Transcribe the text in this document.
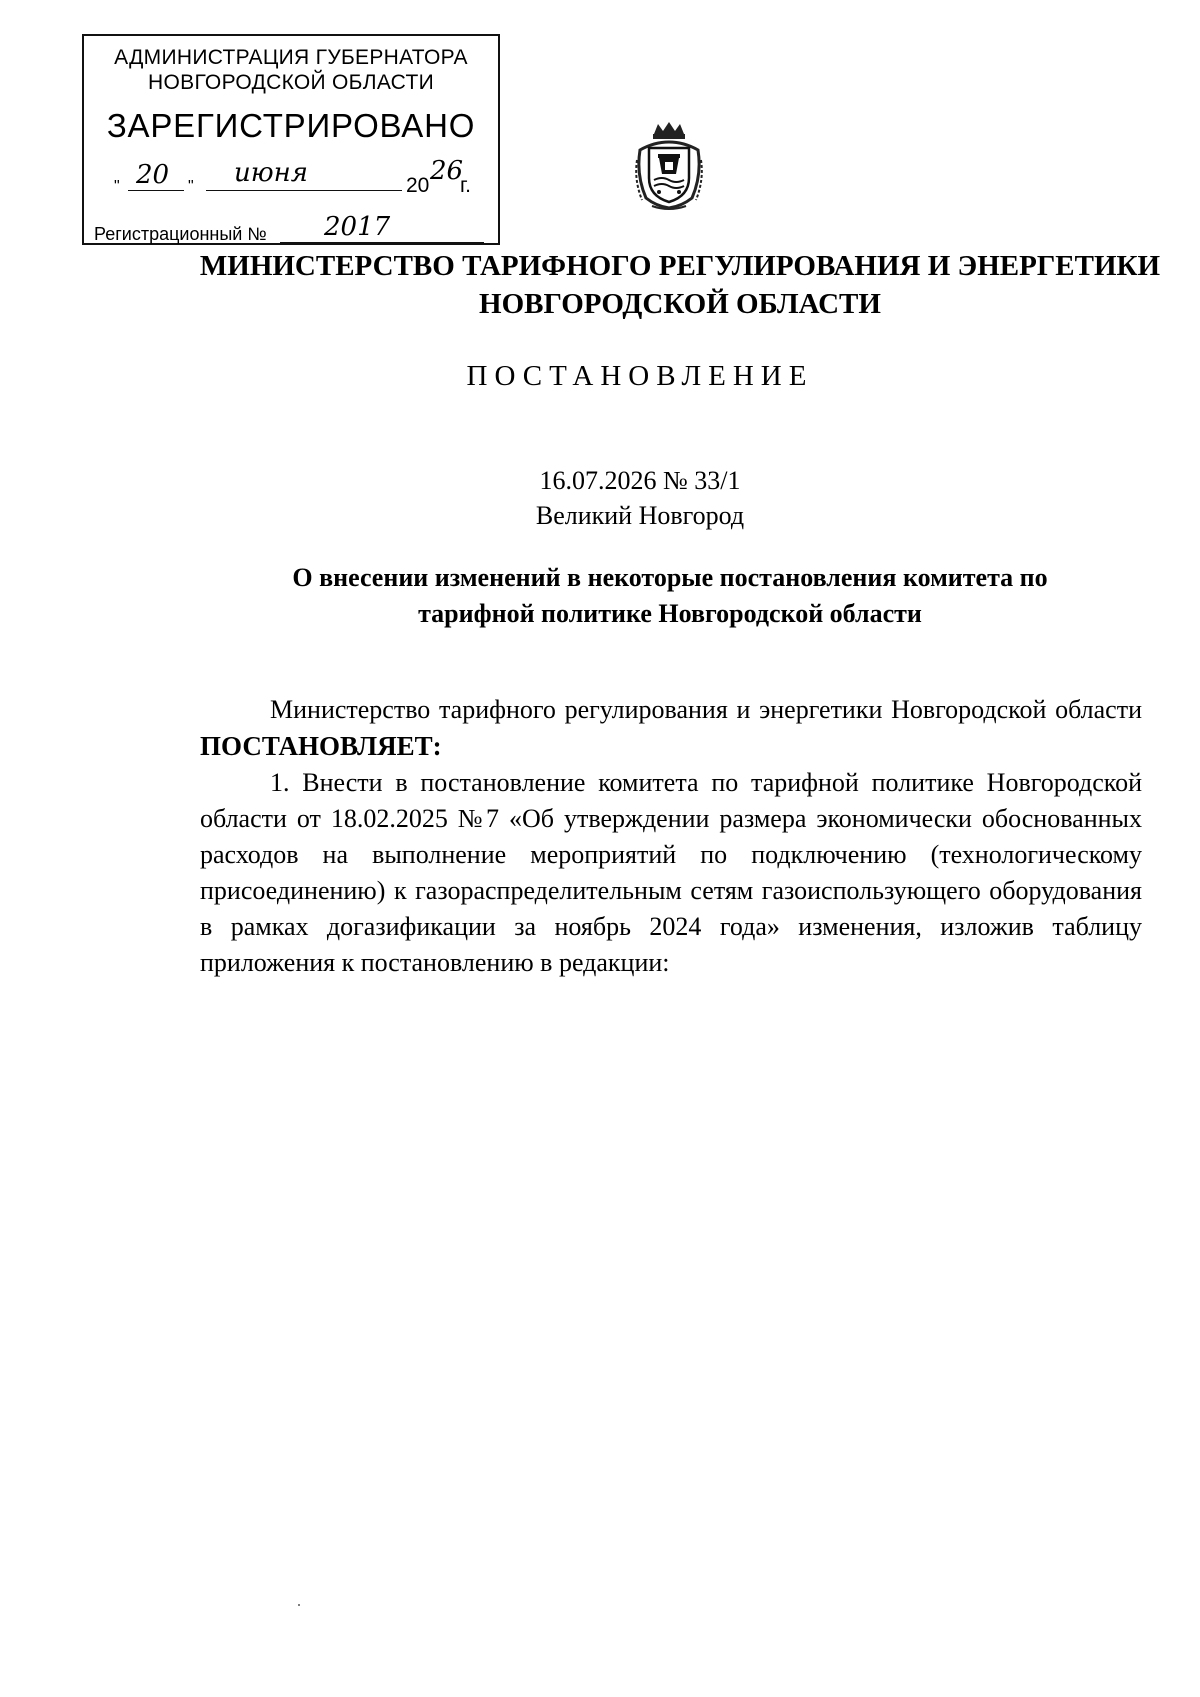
АДМИНИСТРАЦИЯ ГУБЕРНАТОРА
НОВГОРОДСКОЙ ОБЛАСТИ
ЗАРЕГИСТРИРОВАНО
" 20 " июня	20 26
г.
Регистрационный № 2017
МИНИСТЕРСТВО ТАРИФНОГО РЕГУЛИРОВАНИЯ И ЭНЕРГЕТИКИ
НОВГОРОДСКОЙ ОБЛАСТИ
ПОСТАНОВЛЕНИЕ
16.07.2026 № 33/1
Великий Новгород
О внесении изменений в некоторые постановления комитета по
тарифной политике Новгородской области

Министерство тарифного регулирования и энергетики Новгородской области ПОСТАНОВЛЯЕТ:

1. Внести в постановление комитета по тарифной политике Новгородской области от 18.02.2025 №7 «Об утверждении размера экономически обоснованных расходов на выполнение мероприятий по подключению (технологическому присоединению) к газораспределительным сетям газоиспользующего оборудования в рамках догазификации за ноябрь 2024 года» изменения, изложив таблицу приложения к постановлению в редакции:
